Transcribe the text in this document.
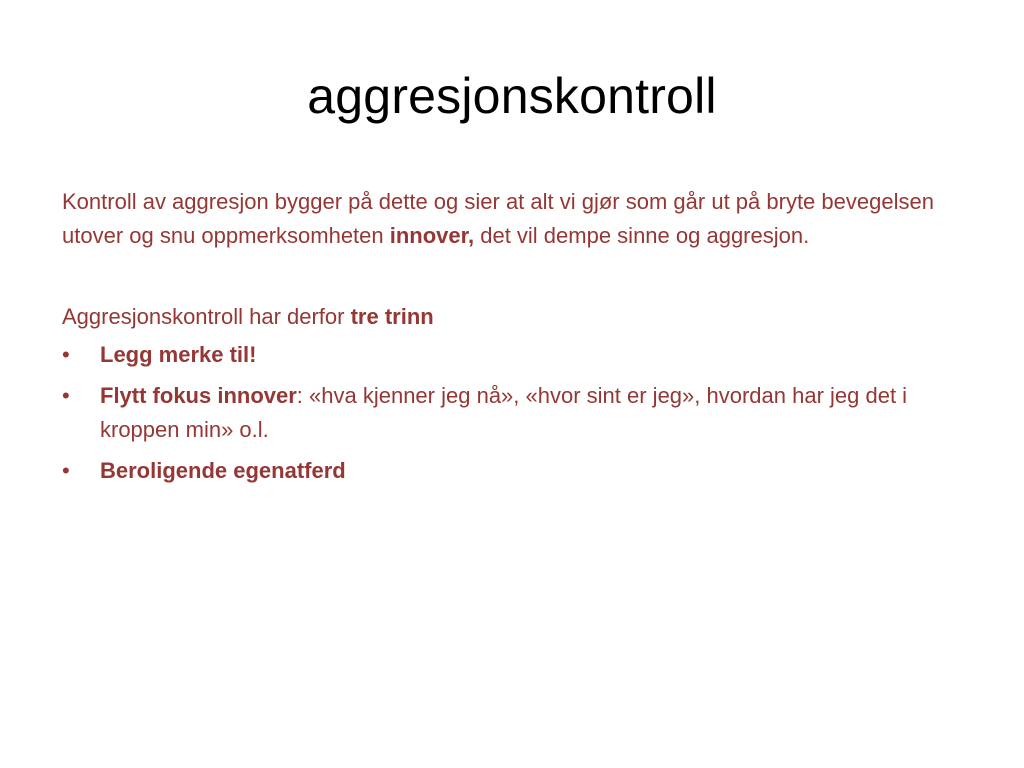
aggresjonskontroll

Kontroll av aggresjon bygger på dette og sier at alt vi gjør som går ut på bryte bevegelsen utover og snu oppmerksomheten innover, det vil dempe sinne og aggresjon.

Aggresjonskontroll har derfor tre trinn

•	Legg merke til!
•	Flytt fokus innover: «hva kjenner jeg nå», «hvor sint er jeg», hvordan har jeg det i kroppen min» o.l.
•	Beroligende egenatferd
